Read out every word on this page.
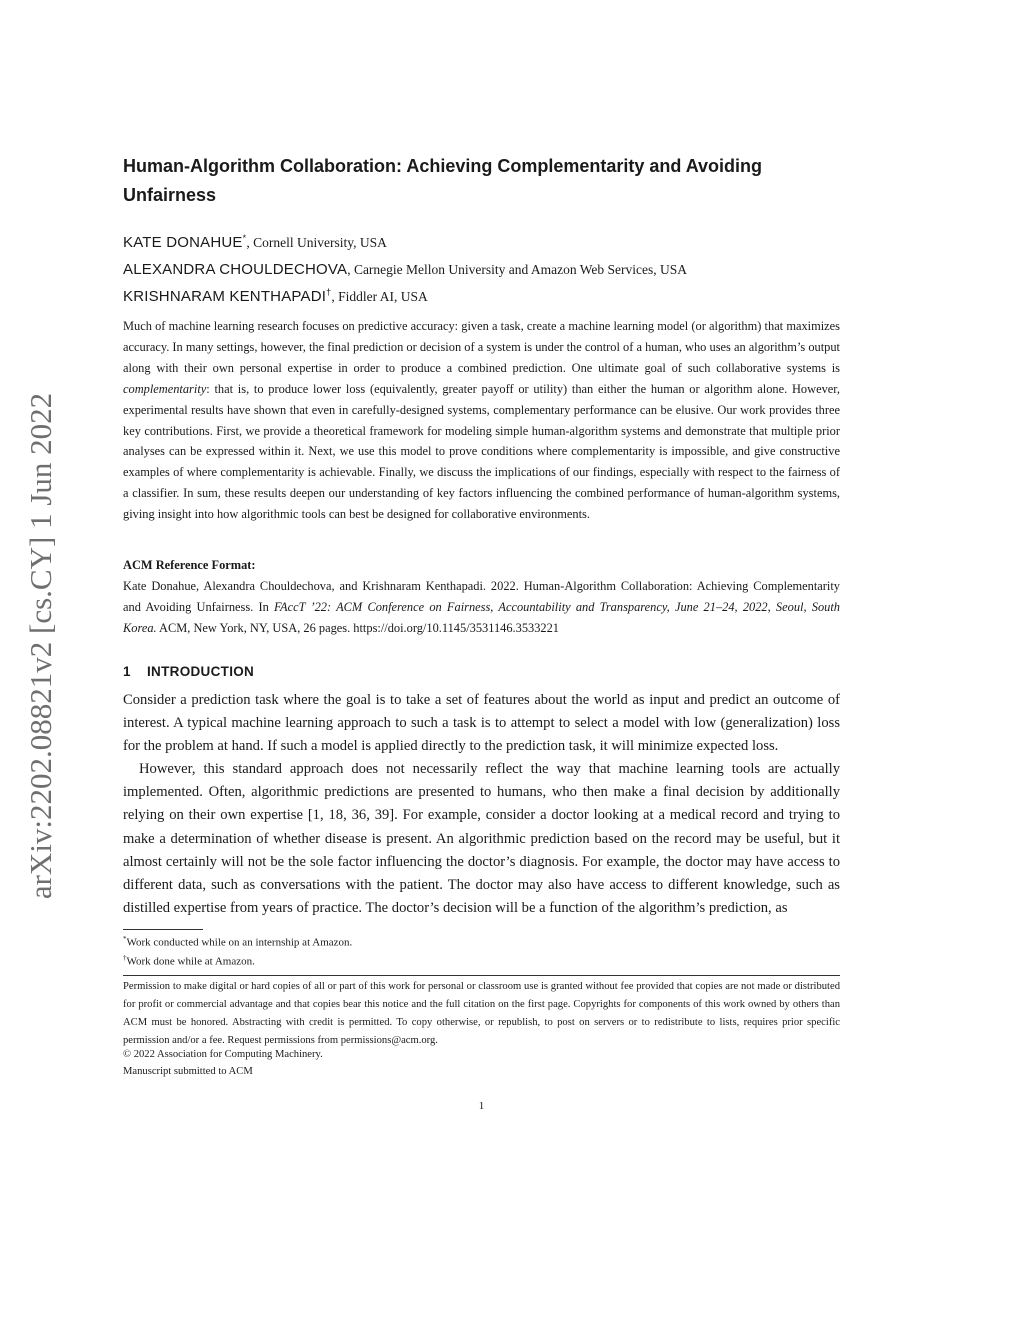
arXiv:2202.08821v2 [cs.CY] 1 Jun 2022
Human-Algorithm Collaboration: Achieving Complementarity and Avoiding Unfairness
KATE DONAHUE*, Cornell University, USA
ALEXANDRA CHOULDECHOVA, Carnegie Mellon University and Amazon Web Services, USA
KRISHNARAM KENTHAPADI†, Fiddler AI, USA

Much of machine learning research focuses on predictive accuracy: given a task, create a machine learning model (or algorithm) that maximizes accuracy. In many settings, however, the final prediction or decision of a system is under the control of a human, who uses an algorithm’s output along with their own personal expertise in order to produce a combined prediction. One ultimate goal of such collaborative systems is complementarity: that is, to produce lower loss (equivalently, greater payoff or utility) than either the human or algorithm alone. However, experimental results have shown that even in carefully-designed systems, complementary performance can be elusive. Our work provides three key contributions. First, we provide a theoretical framework for modeling simple human-algorithm systems and demonstrate that multiple prior analyses can be expressed within it. Next, we use this model to prove conditions where complementarity is impossible, and give constructive examples of where complementarity is achievable. Finally, we discuss the implications of our findings, especially with respect to the fairness of a classifier. In sum, these results deepen our understanding of key factors influencing the combined performance of human-algorithm systems, giving insight into how algorithmic tools can best be designed for collaborative environments.

ACM Reference Format:

Kate Donahue, Alexandra Chouldechova, and Krishnaram Kenthapadi. 2022. Human-Algorithm Collaboration: Achieving Complementarity and Avoiding Unfairness. In FAccT ’22: ACM Conference on Fairness, Accountability and Transparency, June 21–24, 2022, Seoul, South Korea. ACM, New York, NY, USA, 26 pages. https://doi.org/10.1145/3531146.3533221

1 INTRODUCTION

Consider a prediction task where the goal is to take a set of features about the world as input and predict an outcome of interest. A typical machine learning approach to such a task is to attempt to select a model with low (generalization) loss for the problem at hand. If such a model is applied directly to the prediction task, it will minimize expected loss.

However, this standard approach does not necessarily reflect the way that machine learning tools are actually implemented. Often, algorithmic predictions are presented to humans, who then make a final decision by additionally relying on their own expertise [1, 18, 36, 39]. For example, consider a doctor looking at a medical record and trying to make a determination of whether disease is present. An algorithmic prediction based on the record may be useful, but it almost certainly will not be the sole factor influencing the doctor’s diagnosis. For example, the doctor may have access to different data, such as conversations with the patient. The doctor may also have access to different knowledge, such as distilled expertise from years of practice. The doctor’s decision will be a function of the algorithm’s prediction, as

*Work conducted while on an internship at Amazon.
†Work done while at Amazon.

Permission to make digital or hard copies of all or part of this work for personal or classroom use is granted without fee provided that copies are not made or distributed for profit or commercial advantage and that copies bear this notice and the full citation on the first page. Copyrights for components of this work owned by others than ACM must be honored. Abstracting with credit is permitted. To copy otherwise, or republish, to post on servers or to redistribute to lists, requires prior specific permission and/or a fee. Request permissions from permissions@acm.org.

© 2022 Association for Computing Machinery.
Manuscript submitted to ACM
1
